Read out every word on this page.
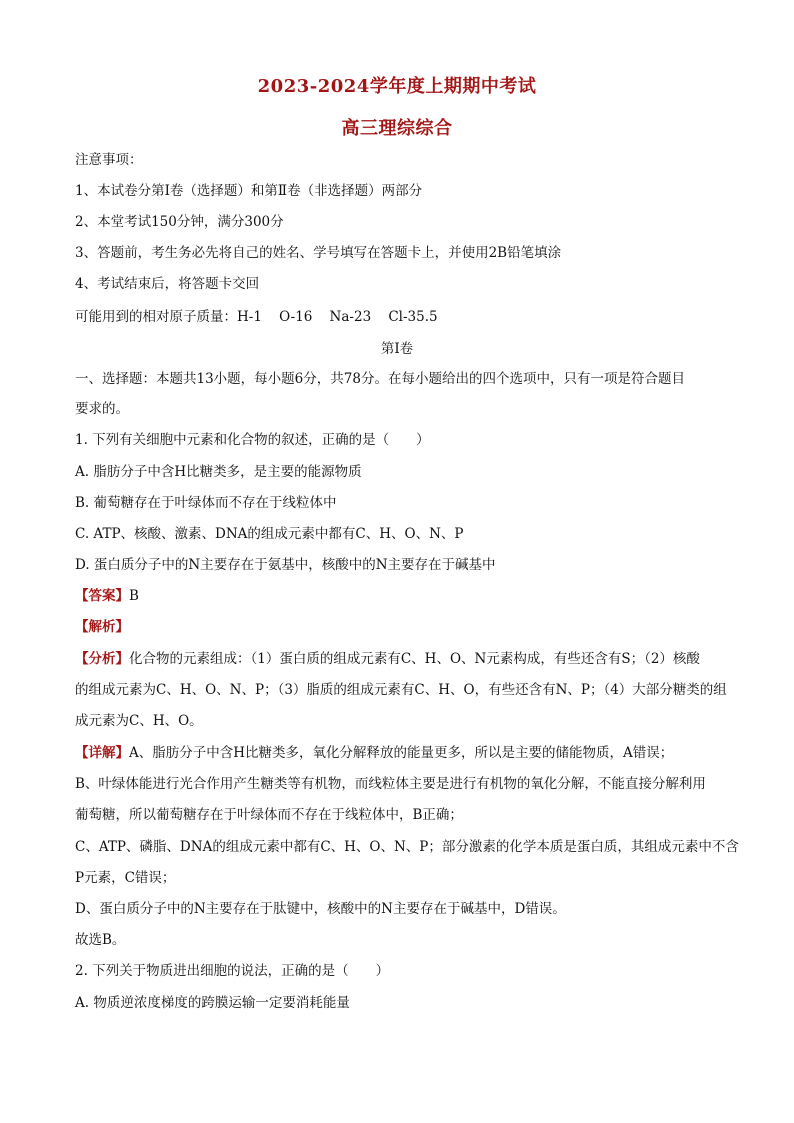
2023-2024学年度上期期中考试
高三理综综合
注意事项：
1、本试卷分第Ⅰ卷（选择题）和第Ⅱ卷（非选择题）两部分
2、本堂考试150分钟，满分300分
3、答题前，考生务必先将自己的姓名、学号填写在答题卡上，并使用2B铅笔填涂
4、考试结束后，将答题卡交回
可能用到的相对原子质量：H-1    O-16    Na-23    Cl-35.5
第Ⅰ卷
一、选择题：本题共13小题，每小题6分，共78分。在每小题给出的四个选项中，只有一项是符合题目
要求的。
1. 下列有关细胞中元素和化合物的叙述，正确的是（　　）
A. 脂肪分子中含H比糖类多，是主要的能源物质
B. 葡萄糖存在于叶绿体而不存在于线粒体中
C. ATP、核酸、激素、DNA的组成元素中都有C、H、O、N、P
D. 蛋白质分子中的N主要存在于氨基中，核酸中的N主要存在于碱基中
【答案】B
【解析】
【分析】化合物的元素组成：（1）蛋白质的组成元素有C、H、O、N元素构成，有些还含有S；（2）核酸
的组成元素为C、H、O、N、P；（3）脂质的组成元素有C、H、O，有些还含有N、P；（4）大部分糖类的组
成元素为C、H、O。
【详解】A、脂肪分子中含H比糖类多，氧化分解释放的能量更多，所以是主要的储能物质，A错误；
B、叶绿体能进行光合作用产生糖类等有机物，而线粒体主要是进行有机物的氧化分解，不能直接分解利用
葡萄糖，所以葡萄糖存在于叶绿体而不存在于线粒体中，B正确；
C、ATP、磷脂、DNA的组成元素中都有C、H、O、N、P；部分激素的化学本质是蛋白质，其组成元素中不含
P元素，C错误；
D、蛋白质分子中的N主要存在于肽键中，核酸中的N主要存在于碱基中，D错误。
故选B。
2. 下列关于物质进出细胞的说法，正确的是（　　）
A. 物质逆浓度梯度的跨膜运输一定要消耗能量
